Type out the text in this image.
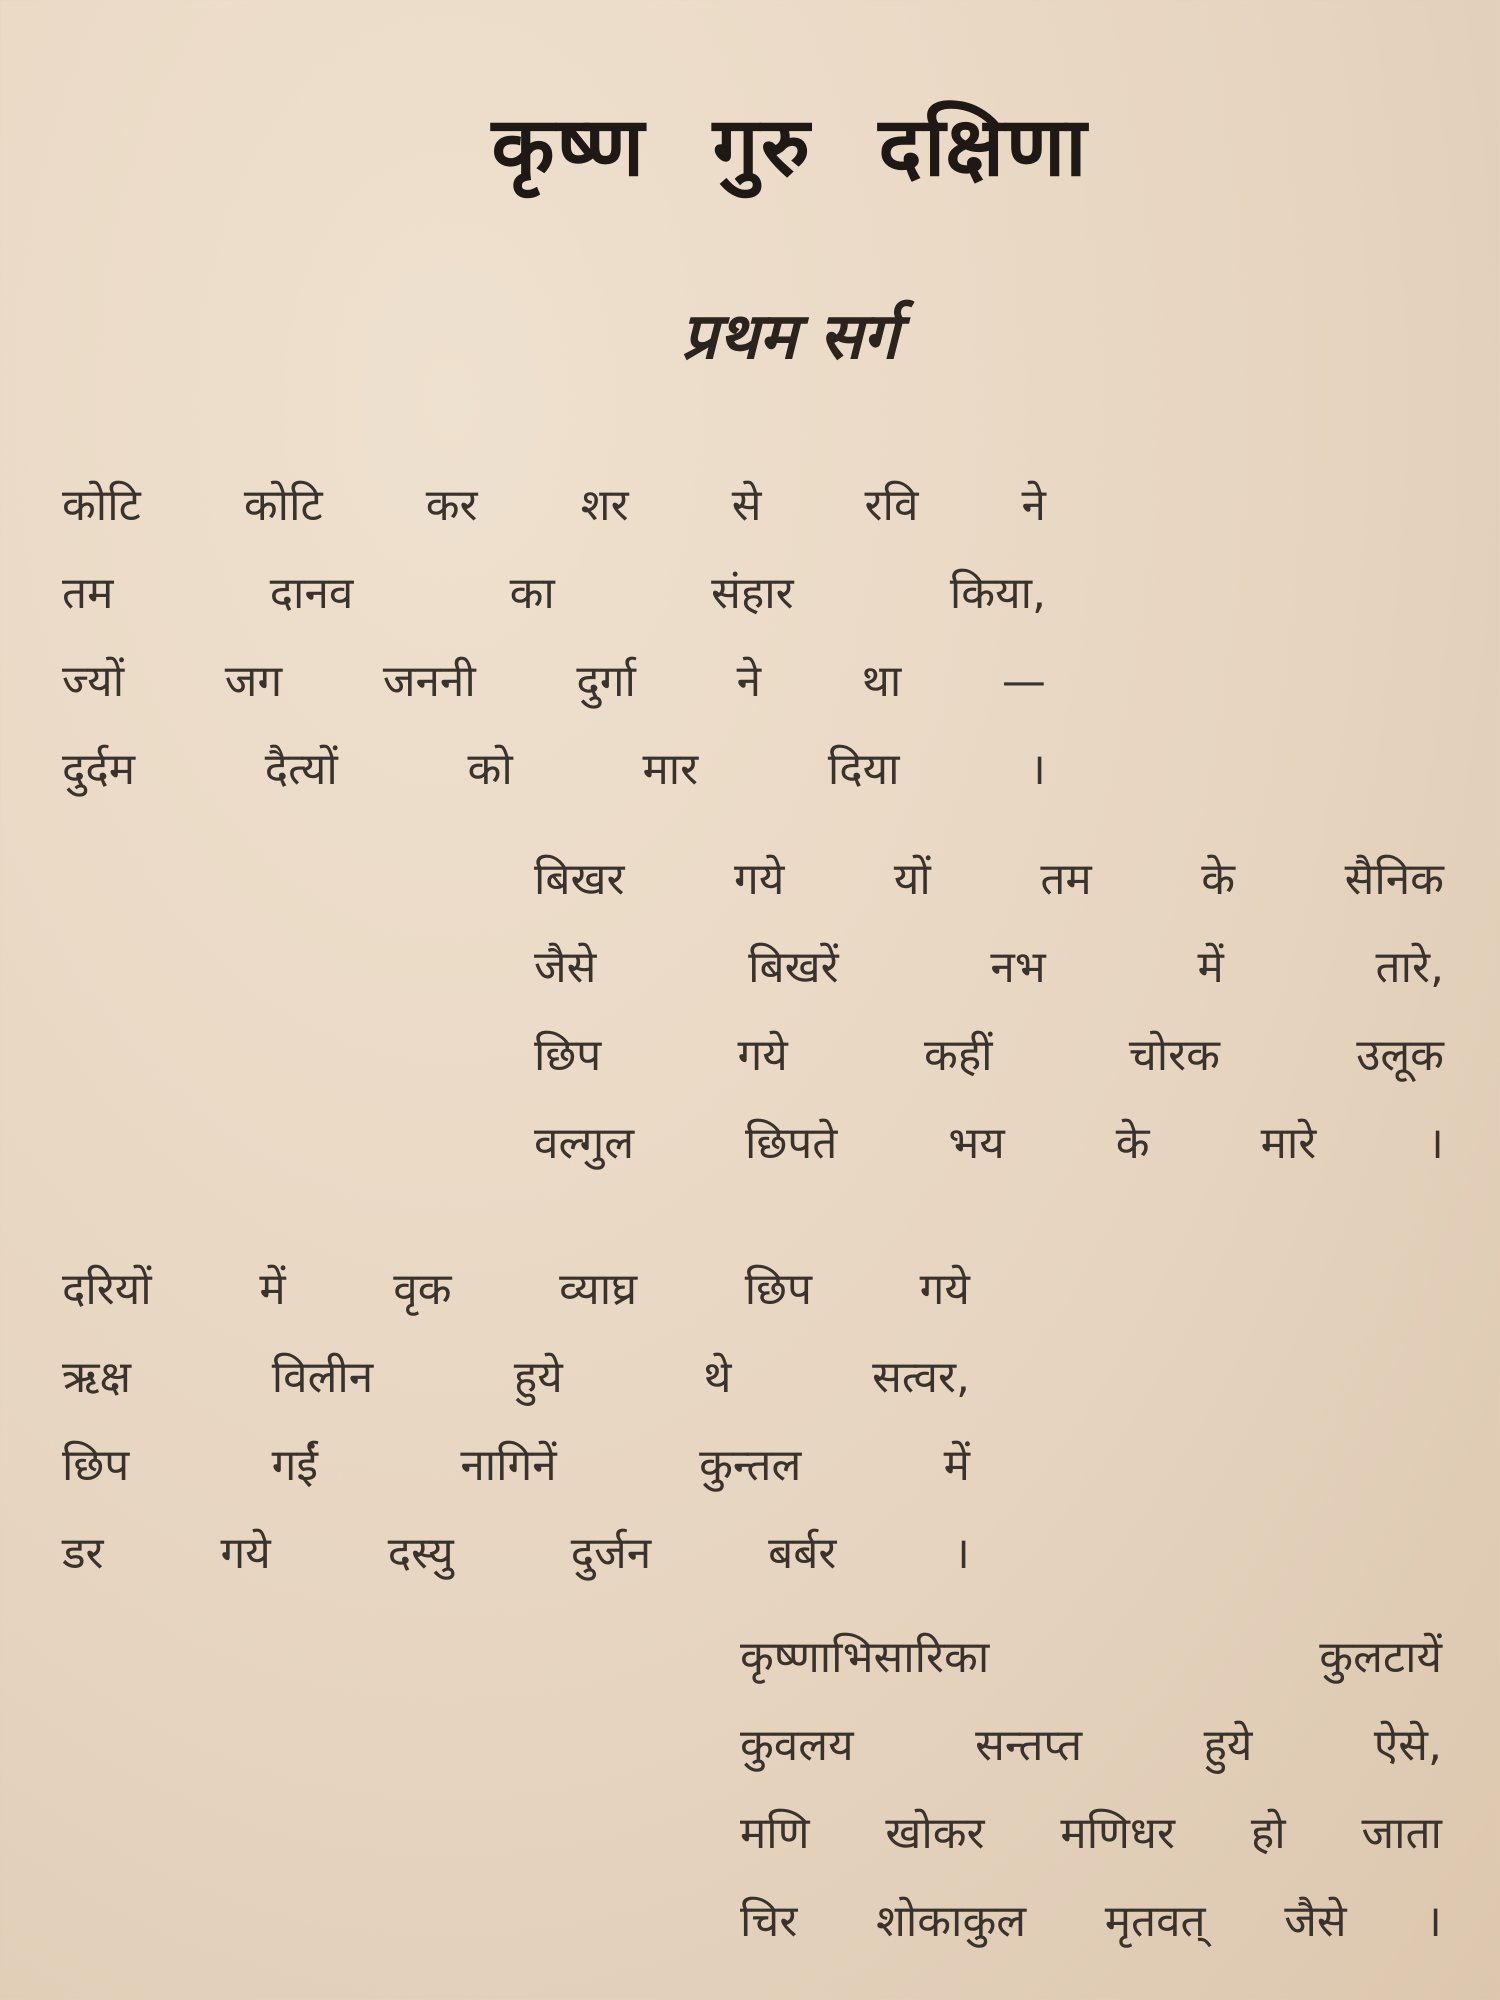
कृष्ण गुरु दक्षिणा
प्रथम सर्ग
कोटि कोटि कर शर से रवि ने
तम	दानव	का	संहार	किया,
ज्यों जग जननी दुर्गा ने था —
दुर्दम	दैत्यों	को	मार	दिया	।
बिखर गये यों तम के सैनिक
जैसे	बिखरें	नभ	में	तारे,
छिप	गये	कहीं	चोरक	उलूक
वल्गुल	छिपते	भय	के	मारे	।
दरियों में वृक व्याघ्र छिप गये
ऋक्ष	विलीन	हुये	थे	सत्वर,
छिप	गईं	नागिनें	कुन्तल	में
डर	गये	दस्यु	दुर्जन	बर्बर	।
कृष्णाभिसारिका	कुलटायें
कुवलय	सन्तप्त	हुये	ऐसे,
मणि खोकर मणिधर हो जाता
चिर शोकाकुल मृतवत् जैसे ।
